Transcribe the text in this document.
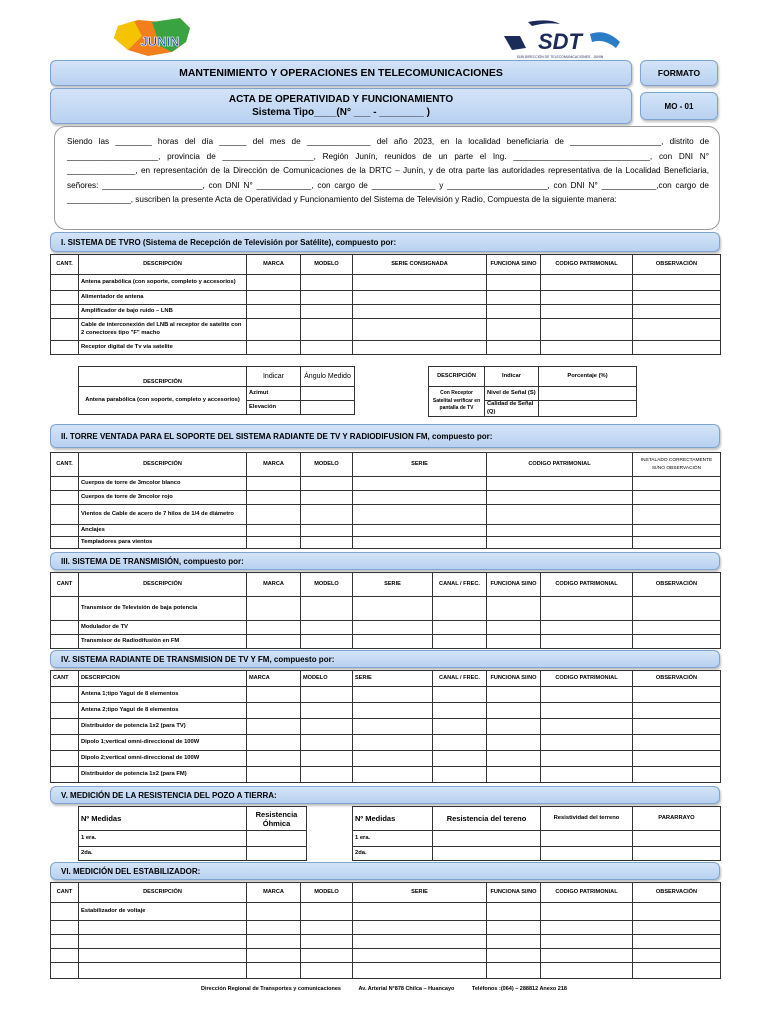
JUNIN	SDT
SUB DIRECCIÓN DE TELECOMUNICACIONES - JUNIN
MANTENIMIENTO Y OPERACIONES EN TELECOMUNICACIONES	FORMATO
ACTA DE OPERATIVIDAD Y FUNCIONAMIENTO
Sistema Tipo____(N° ___ - ________ )
MO - 01
Siendo las ________ horas del día ______ del mes de ______________ del año 2023, en la localidad beneficiaria de ____________________, distrito de ____________________, provincia de ____________________, Región Junín, reunidos de un parte el Ing. ______________________________, con DNI N° _______________, en representación de la Dirección de Comunicaciones de la DRTC – Junín, y de otra parte las autoridades representativa de la Localidad Beneficiaria, señores: ______________________, con DNI N° ____________, con cargo de ______________ y ______________________, con DNI N° ____________,con cargo de ______________, suscriben la presente Acta de Operatividad y Funcionamiento del Sistema de Televisión y Radio, Compuesta de la siguiente manera:
I. SISTEMA DE TVRO (Sistema de Recepción de Televisión por Satélite), compuesto por:
CANT.	DESCRIPCIÓN	MARCA	MODELO	SERIE CONSIGNADA	FUNCIONA SI/NO	CODIGO PATRIMONIAL	OBSERVACIÓN
	Antena parabólica (con soporte, completo y accesorios)						
	Alimentador de antena						
	Amplificador de bajo ruido – LNB						
	Cable de interconexión del LNB al receptor de satelite con 2 conectores tipo "F" macho						
	Receptor digital de Tv vía satelite						
DESCRIPCIÓN	Indicar	Ángulo Medido
Antena parabólica (con soporte, completo y accesorios)	Azimut	
	Elevación	
DESCRIPCIÓN	Indicar	Porcentaje (%)
Con Receptor Satelital verificar en pantalla de TV	Nivel de Señal (S)	
	Calidad de Señal (Q)	
II. TORRE VENTADA PARA EL SOPORTE DEL SISTEMA RADIANTE DE TV Y RADIODIFUSION FM, compuesto por:
CANT.	DESCRIPCIÓN	MARCA	MODELO	SERIE	CODIGO PATRIMONIAL	INSTALADO CORRECTAMENTE SI/NO OBSERVACIÓN
	Cuerpos de torre de 3mcolor blanco					
	Cuerpos de torre de 3mcolor rojo					
	Vientos de Cable de acero de 7 hilos de 1/4 de diámetro					
	Anclajes					
	Templadores para vientos					
III. SISTEMA DE TRANSMISIÓN, compuesto por:
CANT	DESCRIPCIÓN	MARCA	MODELO	SERIE	CANAL / FREC.	FUNCIONA SI/NO	CODIGO PATRIMONIAL	OBSERVACIÓN
	Transmisor de Televisión de baja potencia							
	Modulador de TV							
	Transmisor de Radiodifusión en FM							
IV. SISTEMA RADIANTE DE TRANSMISION DE TV Y FM, compuesto por:
CANT	DESCRIPCION	MARCA	MODELO	SERIE	CANAL / FREC.	FUNCIONA SI/NO	CODIGO PATRIMONIAL	OBSERVACIÓN
	Antena 1;tipo Yagui de 8 elementos							
	Antena 2;tipo Yagui de 8 elementos							
	Distribuidor de potencia 1x2 (para TV)							
	Dipolo 1;vertical omni-direccional de 100W							
	Dipolo 2;vertical omni-direccional de 100W							
	Distribuidor de potencia 1x2 (para FM)							
V. MEDICIÓN DE LA RESISTENCIA DEL POZO A TIERRA:
Nº Medidas	Resistencia Óhmica
1 era.	
2da.	
Nº Medidas	Resistencia del tereno	Resistividad del terreno	PARARRAYO
1 era.			
2da.			
VI. MEDICIÓN DEL ESTABILIZADOR:
CANT	DESCRIPCIÓN	MARCA	MODELO	SERIE	FUNCIONA SI/NO	CODIGO PATRIMONIAL	OBSERVACIÓN
	Estabilizador de voltaje						

Dirección Regional de Transportes y comunicaciones	Av. Arterial N°878 Chilca – Huancayo	Teléfonos :(064) – 288812 Anexo 218
